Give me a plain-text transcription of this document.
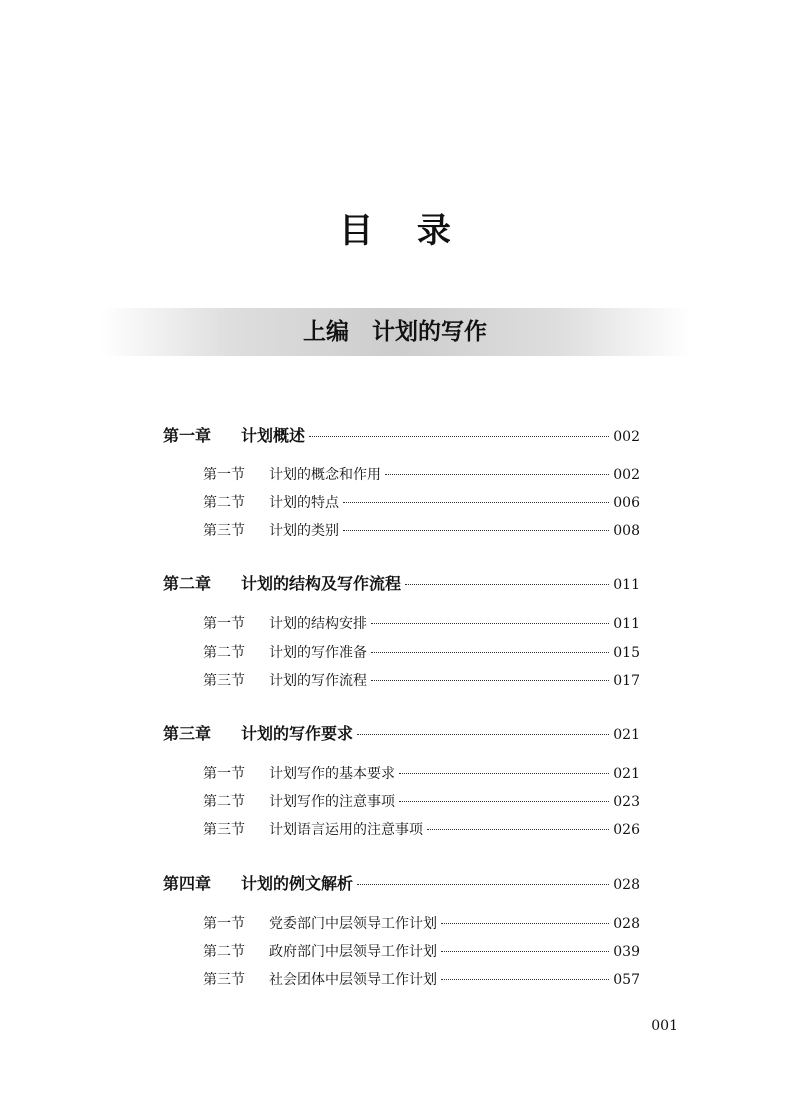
目 录
上编　计划的写作
第一章	计划概述	002
第一节	计划的概念和作用	002
第二节	计划的特点	006
第三节	计划的类别	008
第二章	计划的结构及写作流程	011
第一节	计划的结构安排	011
第二节	计划的写作准备	015
第三节	计划的写作流程	017
第三章	计划的写作要求	021
第一节	计划写作的基本要求	021
第二节	计划写作的注意事项	023
第三节	计划语言运用的注意事项	026
第四章	计划的例文解析	028
第一节	党委部门中层领导工作计划	028
第二节	政府部门中层领导工作计划	039
第三节	社会团体中层领导工作计划	057
001
